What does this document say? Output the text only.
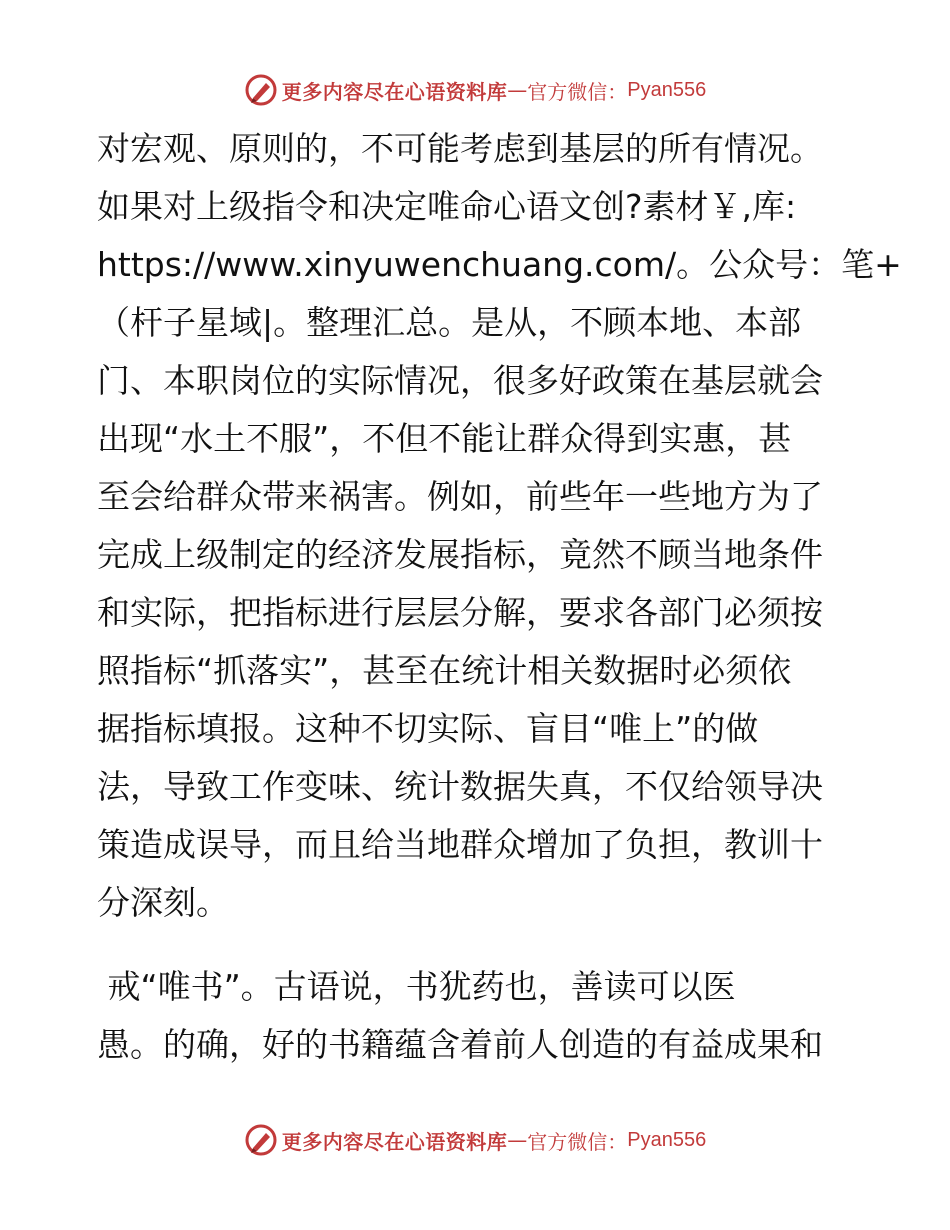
更多内容尽在心语资料库 — 官方微信： Pyan556
对宏观、原则的，不可能考虑到基层的所有情况。
如果对上级指令和决定唯命心语文创?素材￥,库:
https://www.xinyuwenchuang.com/。公众号：笔+
（杆子星域|。整理汇总。是从，不顾本地、本部
门、本职岗位的实际情况，很多好政策在基层就会
出现“水土不服”，不但不能让群众得到实惠，甚
至会给群众带来祸害。例如，前些年一些地方为了
完成上级制定的经济发展指标，竟然不顾当地条件
和实际，把指标进行层层分解，要求各部门必须按
照指标“抓落实”，甚至在统计相关数据时必须依
据指标填报。这种不切实际、盲目“唯上”的做
法，导致工作变味、统计数据失真，不仅给领导决
策造成误导，而且给当地群众增加了负担，教训十
分深刻。
戒“唯书”。古语说，书犹药也，善读可以医
愚。的确，好的书籍蕴含着前人创造的有益成果和
更多内容尽在心语资料库 — 官方微信： Pyan556
